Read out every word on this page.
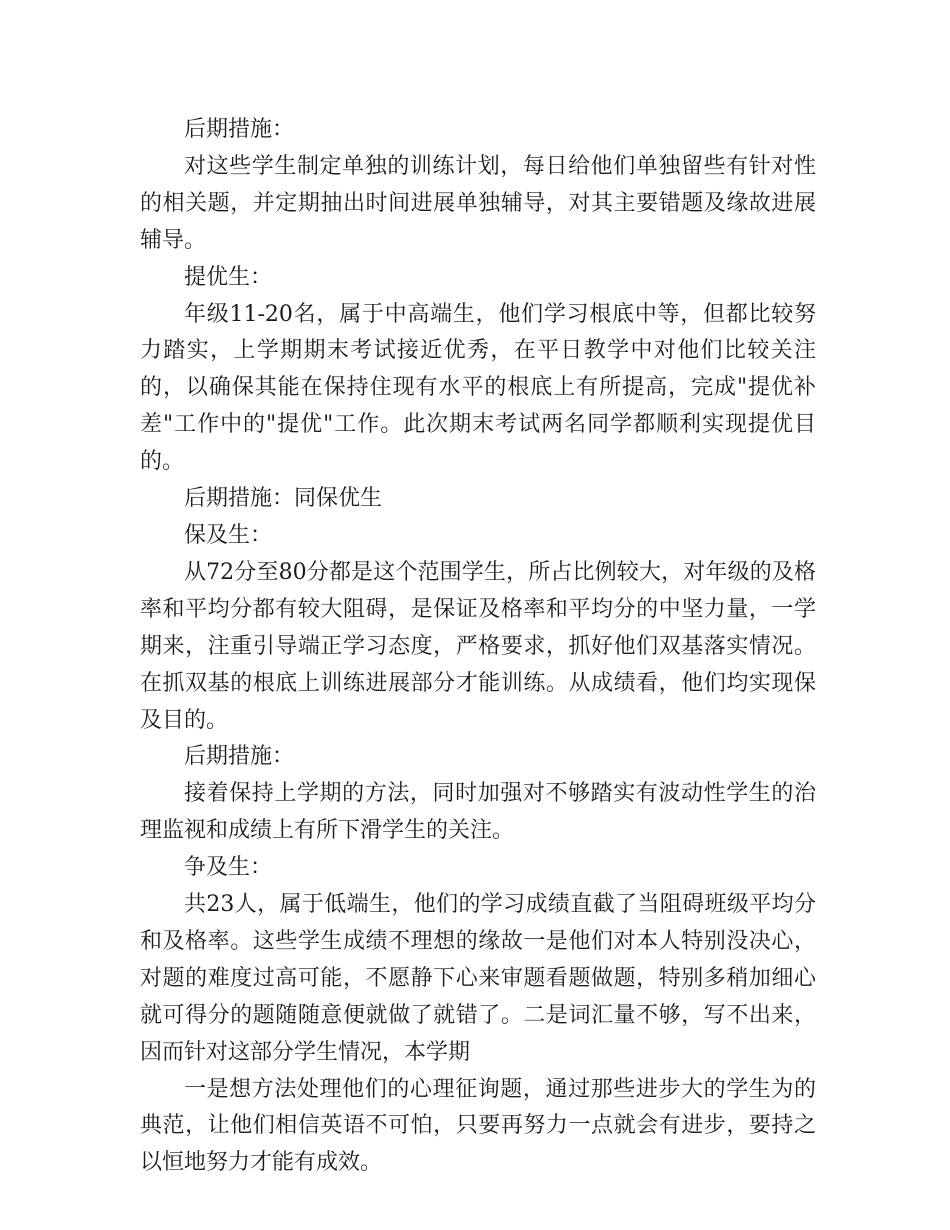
后期措施：

对这些学生制定单独的训练计划，每日给他们单独留些有针对性的相关题，并定期抽出时间进展单独辅导，对其主要错题及缘故进展辅导。

提优生：

年级11-20名，属于中高端生，他们学习根底中等，但都比较努力踏实，上学期期末考试接近优秀，在平日教学中对他们比较关注的，以确保其能在保持住现有水平的根底上有所提高，完成"提优补差"工作中的"提优"工作。此次期末考试两名同学都顺利实现提优目的。

后期措施：同保优生

保及生：

从72分至80分都是这个范围学生，所占比例较大，对年级的及格率和平均分都有较大阻碍，是保证及格率和平均分的中坚力量，一学期来，注重引导端正学习态度，严格要求，抓好他们双基落实情况。在抓双基的根底上训练进展部分才能训练。从成绩看，他们均实现保及目的。

后期措施：

接着保持上学期的方法，同时加强对不够踏实有波动性学生的治理监视和成绩上有所下滑学生的关注。

争及生：

共23人，属于低端生，他们的学习成绩直截了当阻碍班级平均分和及格率。这些学生成绩不理想的缘故一是他们对本人特别没决心，对题的难度过高可能，不愿静下心来审题看题做题，特别多稍加细心就可得分的题随随意便就做了就错了。二是词汇量不够，写不出来，因而针对这部分学生情况，本学期

一是想方法处理他们的心理征询题，通过那些进步大的学生为的典范，让他们相信英语不可怕，只要再努力一点就会有进步，要持之以恒地努力才能有成效。
